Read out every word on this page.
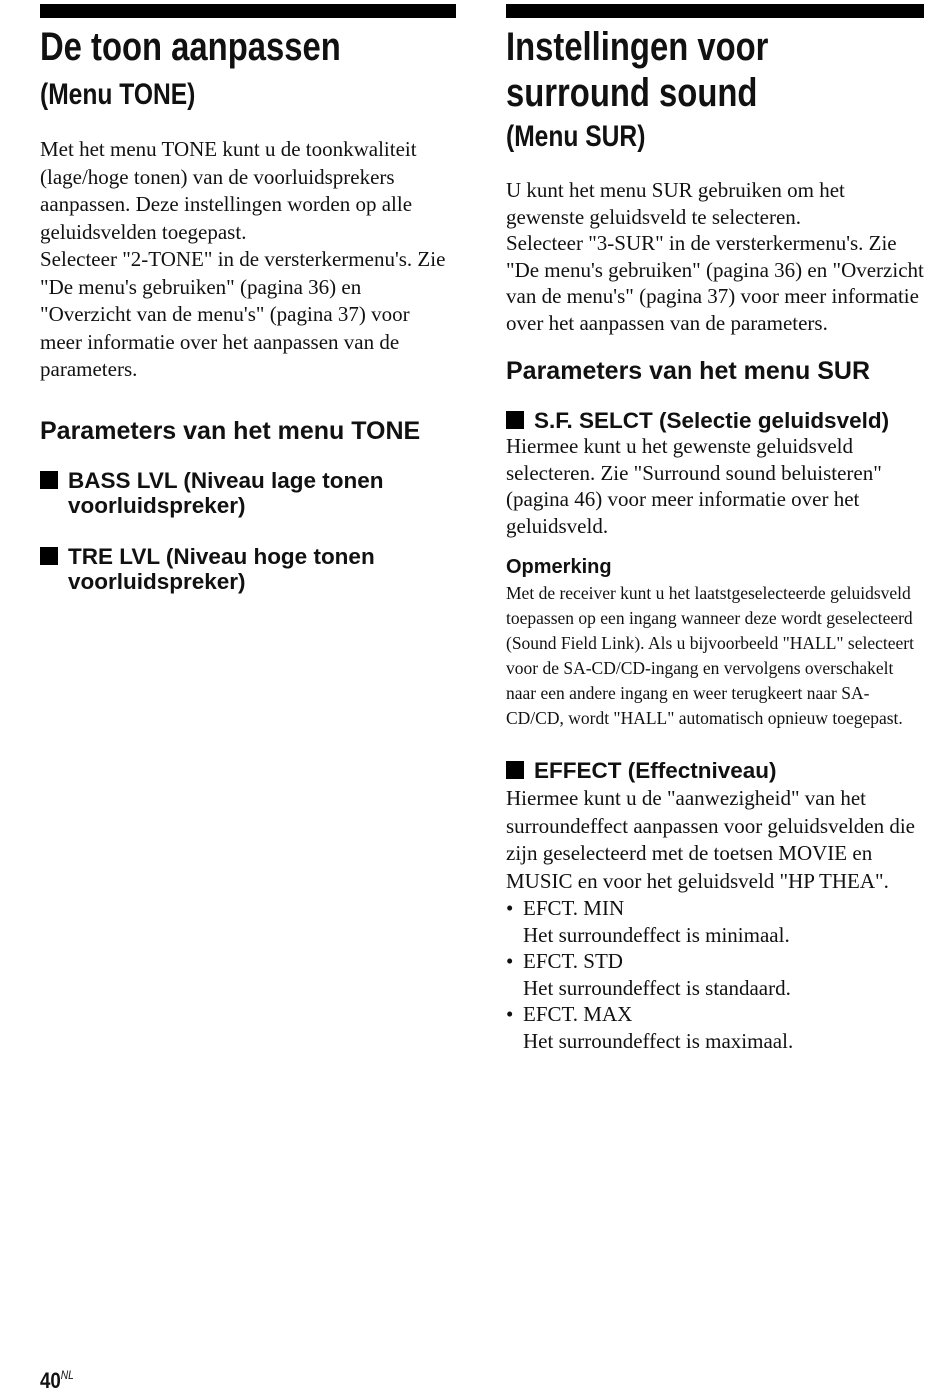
De toon aanpassen
(Menu TONE)

Met het menu TONE kunt u de toonkwaliteit (lage/hoge tonen) van de voorluidsprekers aanpassen. Deze instellingen worden op alle geluidsvelden toegepast.

Selecteer "2-TONE" in de versterkermenu's. Zie "De menu's gebruiken" (pagina 36) en "Overzicht van de menu's" (pagina 37) voor meer informatie over het aanpassen van de parameters.

Parameters van het menu TONE
BASS LVL (Niveau lage tonen voorluidspreker)
TRE LVL (Niveau hoge tonen voorluidspreker)
Instellingen voor
surround sound
(Menu SUR)

U kunt het menu SUR gebruiken om het gewenste geluidsveld te selecteren.

Selecteer "3-SUR" in de versterkermenu's. Zie "De menu's gebruiken" (pagina 36) en "Overzicht van de menu's" (pagina 37) voor meer informatie over het aanpassen van de parameters.

Parameters van het menu SUR
S.F. SELCT (Selectie geluidsveld)

Hiermee kunt u het gewenste geluidsveld selecteren. Zie "Surround sound beluisteren" (pagina 46) voor meer informatie over het geluidsveld.

Opmerking

Met de receiver kunt u het laatstgeselecteerde geluidsveld toepassen op een ingang wanneer deze wordt geselecteerd (Sound Field Link). Als u bijvoorbeeld "HALL" selecteert voor de SA-CD/CD-ingang en vervolgens overschakelt naar een andere ingang en weer terugkeert naar SA-CD/CD, wordt "HALL" automatisch opnieuw toegepast.

EFFECT (Effectniveau)

Hiermee kunt u de "aanwezigheid" van het surroundeffect aanpassen voor geluidsvelden die zijn geselecteerd met de toetsen MOVIE en MUSIC en voor het geluidsveld "HP THEA".

• EFCT. MIN
Het surroundeffect is minimaal.
• EFCT. STD
Het surroundeffect is standaard.
• EFCT. MAX
Het surroundeffect is maximaal.
$40^{NL}$
